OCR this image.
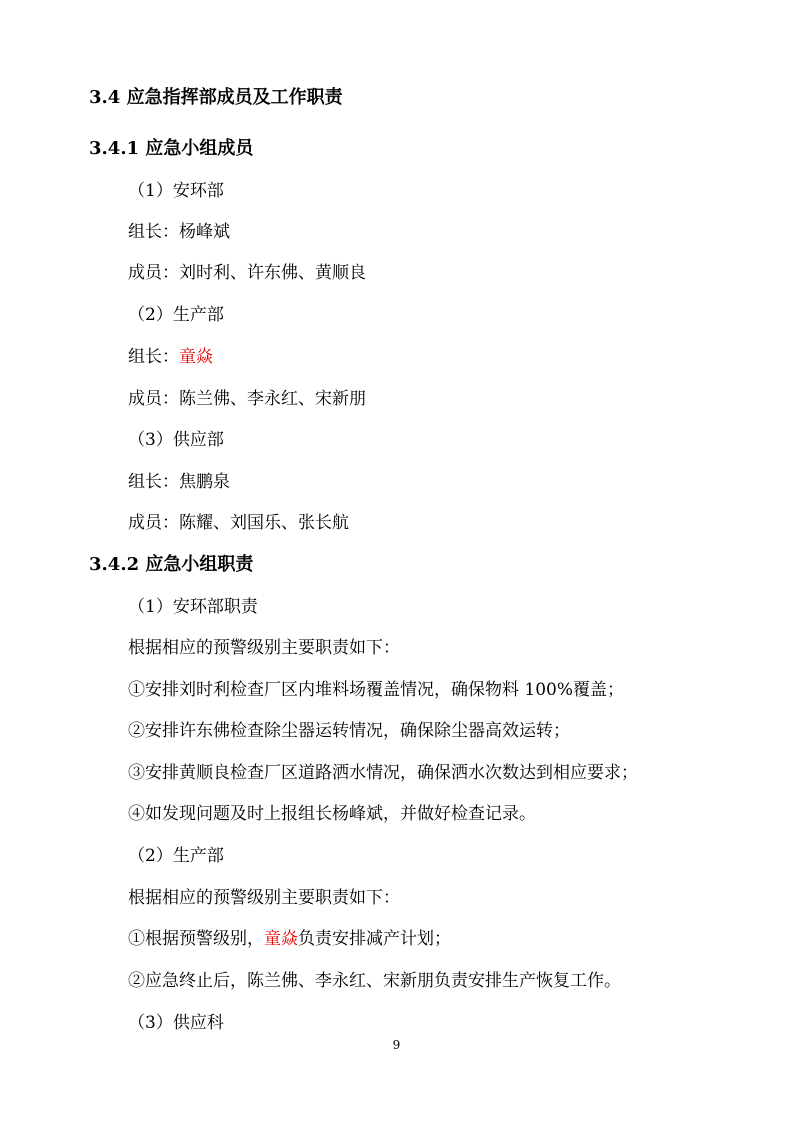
3.4 应急指挥部成员及工作职责
3.4.1 应急小组成员
（1）安环部
组长：杨峰斌
成员：刘时利、许东佛、黄顺良
（2）生产部
组长：童焱
成员：陈兰佛、李永红、宋新朋
（3）供应部
组长：焦鹏泉
成员：陈耀、刘国乐、张长航
3.4.2 应急小组职责
（1）安环部职责
根据相应的预警级别主要职责如下：
①安排刘时利检查厂区内堆料场覆盖情况，确保物料 100%覆盖；
②安排许东佛检查除尘器运转情况，确保除尘器高效运转；
③安排黄顺良检查厂区道路洒水情况，确保洒水次数达到相应要求；
④如发现问题及时上报组长杨峰斌，并做好检查记录。
（2）生产部
根据相应的预警级别主要职责如下：
①根据预警级别，童焱负责安排减产计划；
②应急终止后，陈兰佛、李永红、宋新朋负责安排生产恢复工作。
（3）供应科
9
